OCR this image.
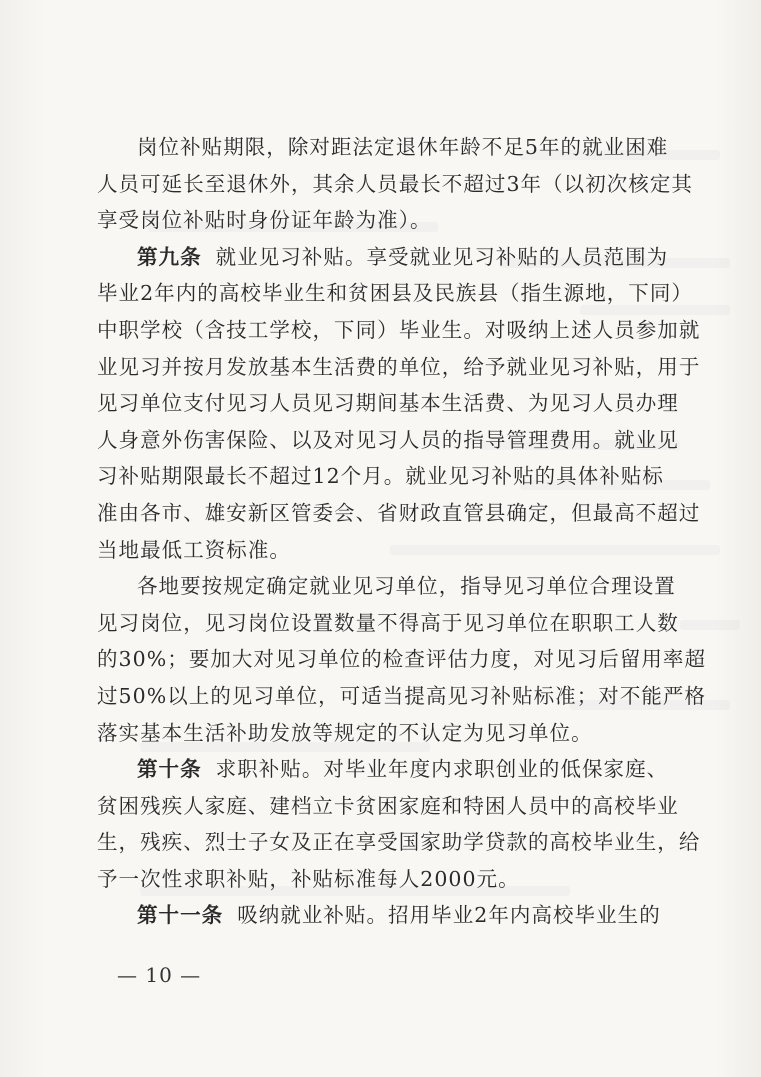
岗位补贴期限，除对距法定退休年龄不足5年的就业困难
人员可延长至退休外，其余人员最长不超过3年（以初次核定其
享受岗位补贴时身份证年龄为准）。
第九条 就业见习补贴。享受就业见习补贴的人员范围为
毕业2年内的高校毕业生和贫困县及民族县（指生源地，下同）
中职学校（含技工学校，下同）毕业生。对吸纳上述人员参加就
业见习并按月发放基本生活费的单位，给予就业见习补贴，用于
见习单位支付见习人员见习期间基本生活费、为见习人员办理
人身意外伤害保险、以及对见习人员的指导管理费用。就业见
习补贴期限最长不超过12个月。就业见习补贴的具体补贴标
准由各市、雄安新区管委会、省财政直管县确定，但最高不超过
当地最低工资标准。
各地要按规定确定就业见习单位，指导见习单位合理设置
见习岗位，见习岗位设置数量不得高于见习单位在职职工人数
的30%；要加大对见习单位的检查评估力度，对见习后留用率超
过50%以上的见习单位，可适当提高见习补贴标准；对不能严格
落实基本生活补助发放等规定的不认定为见习单位。
第十条 求职补贴。对毕业年度内求职创业的低保家庭、
贫困残疾人家庭、建档立卡贫困家庭和特困人员中的高校毕业
生，残疾、烈士子女及正在享受国家助学贷款的高校毕业生，给
予一次性求职补贴，补贴标准每人2000元。
第十一条 吸纳就业补贴。招用毕业2年内高校毕业生的
— 10 —
